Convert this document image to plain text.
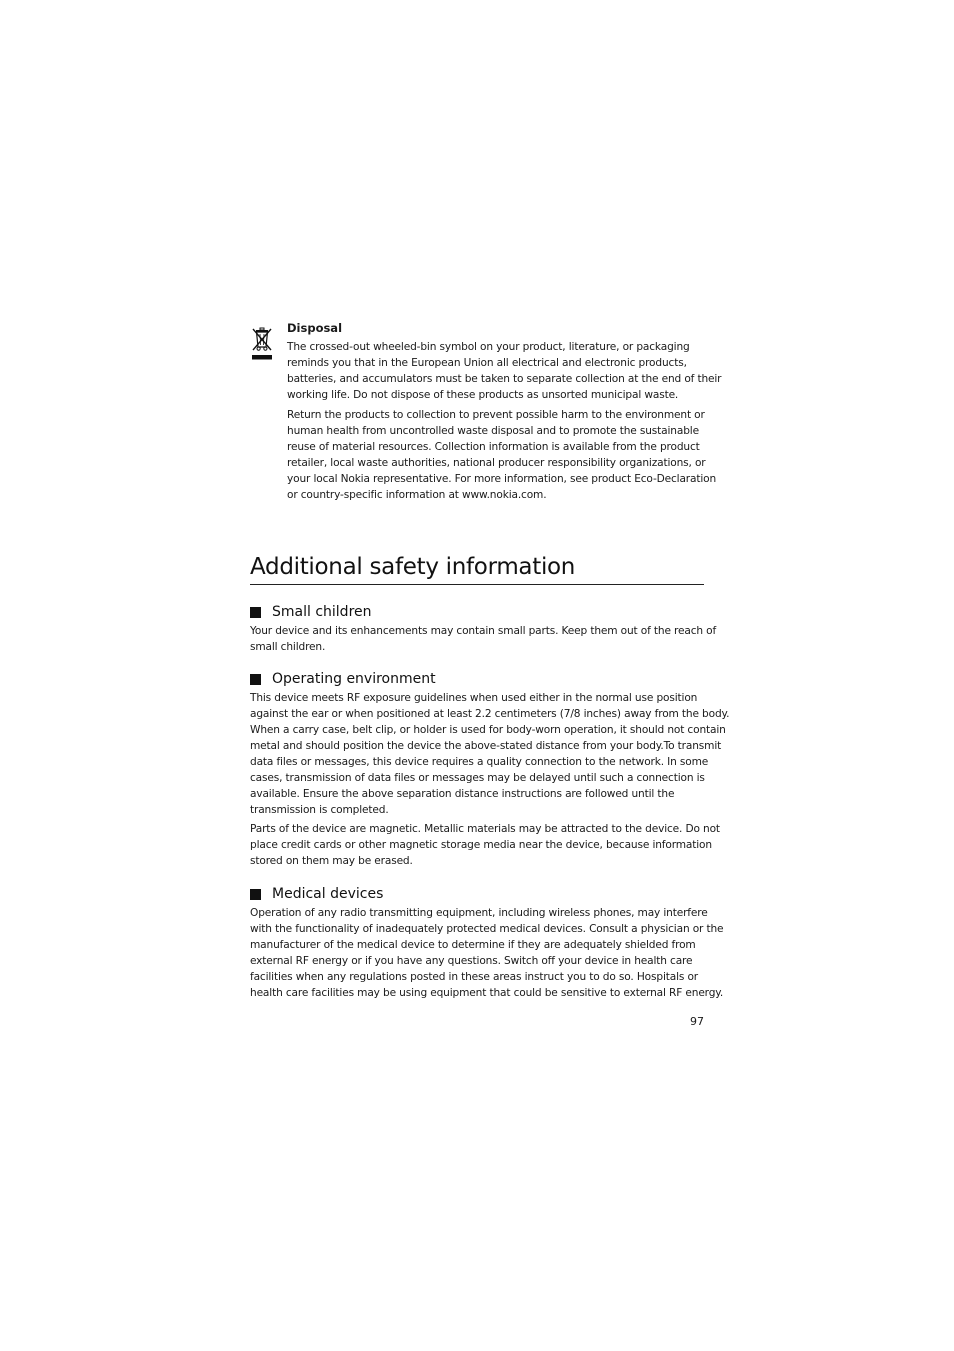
Disposal

The crossed-out wheeled-bin symbol on your product, literature, or packaging
reminds you that in the European Union all electrical and electronic products,
batteries, and accumulators must be taken to separate collection at the end of their
working life. Do not dispose of these products as unsorted municipal waste.

Return the products to collection to prevent possible harm to the environment or
human health from uncontrolled waste disposal and to promote the sustainable
reuse of material resources. Collection information is available from the product
retailer, local waste authorities, national producer responsibility organizations, or
your local Nokia representative. For more information, see product Eco-Declaration
or country-specific information at www.nokia.com.

Additional safety information
Small children

Your device and its enhancements may contain small parts. Keep them out of the reach of
small children.

Operating environment

This device meets RF exposure guidelines when used either in the normal use position
against the ear or when positioned at least 2.2 centimeters (7/8 inches) away from the body.
When a carry case, belt clip, or holder is used for body-worn operation, it should not contain
metal and should position the device the above-stated distance from your body.To transmit
data files or messages, this device requires a quality connection to the network. In some
cases, transmission of data files or messages may be delayed until such a connection is
available. Ensure the above separation distance instructions are followed until the
transmission is completed.

Parts of the device are magnetic. Metallic materials may be attracted to the device. Do not
place credit cards or other magnetic storage media near the device, because information
stored on them may be erased.

Medical devices

Operation of any radio transmitting equipment, including wireless phones, may interfere
with the functionality of inadequately protected medical devices. Consult a physician or the
manufacturer of the medical device to determine if they are adequately shielded from
external RF energy or if you have any questions. Switch off your device in health care
facilities when any regulations posted in these areas instruct you to do so. Hospitals or
health care facilities may be using equipment that could be sensitive to external RF energy.

97
